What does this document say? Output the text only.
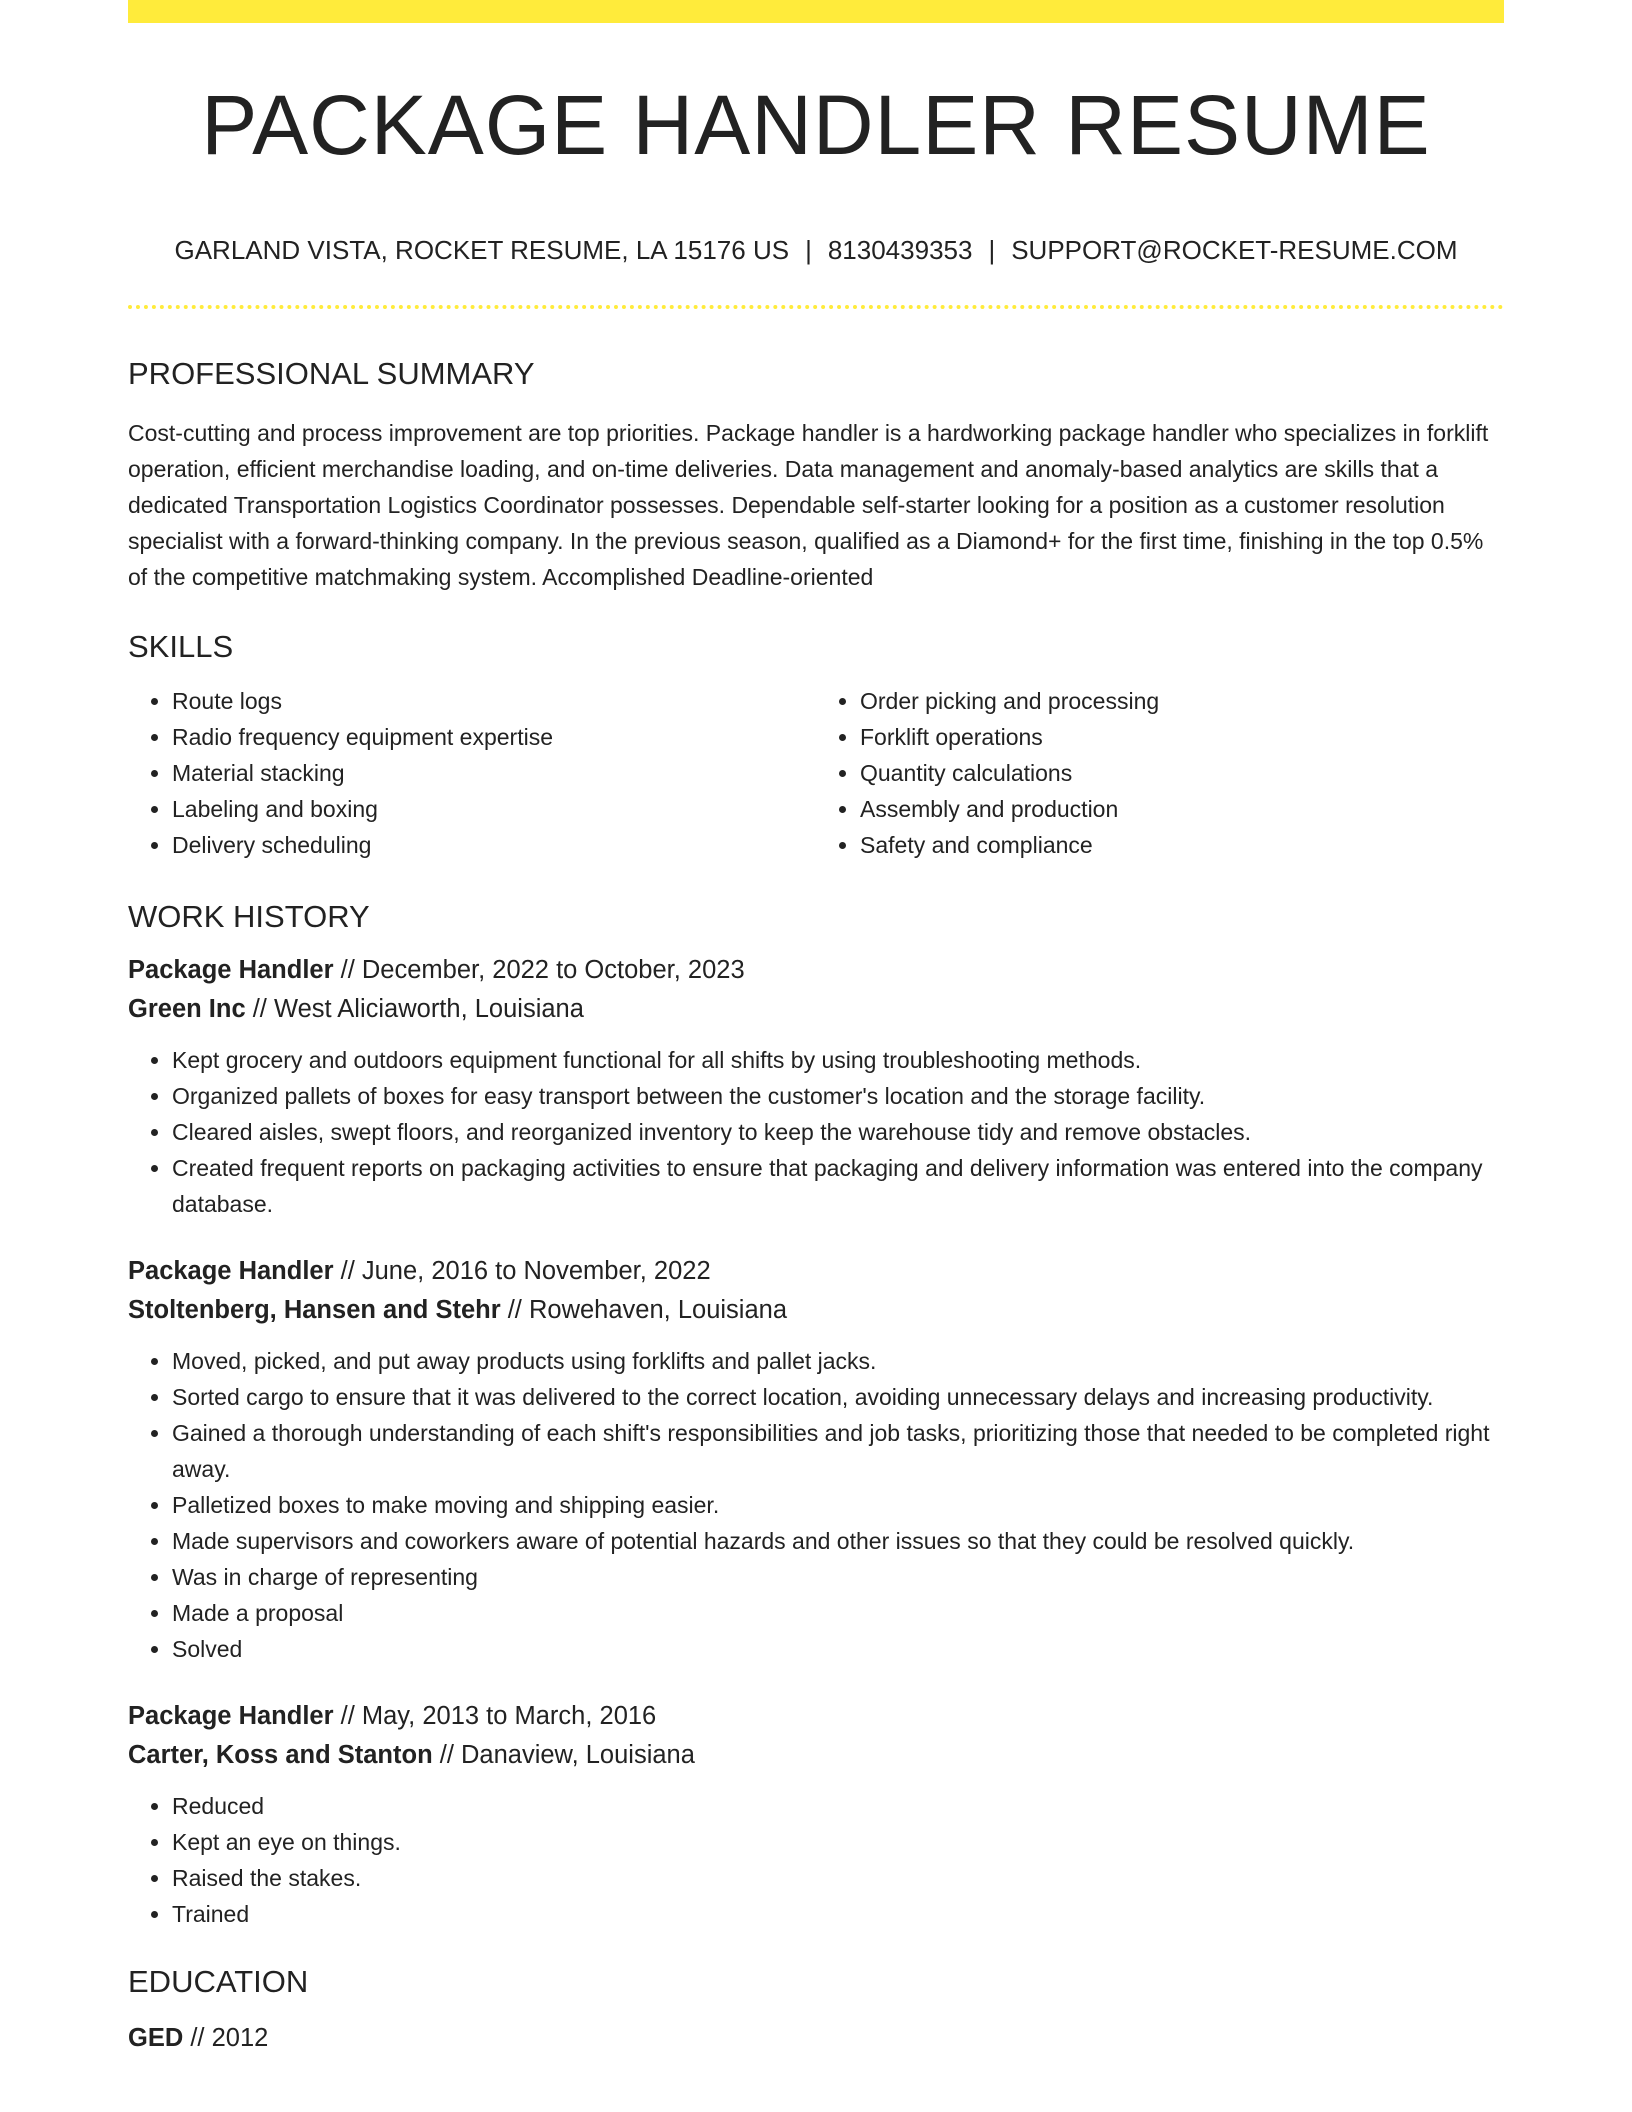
PACKAGE HANDLER RESUME
GARLAND VISTA, ROCKET RESUME, LA 15176 US | 8130439353 | SUPPORT@ROCKET-RESUME.COM
PROFESSIONAL SUMMARY

Cost-cutting and process improvement are top priorities. Package handler is a hardworking package handler who specializes in forklift operation, efficient merchandise loading, and on-time deliveries. Data management and anomaly-based analytics are skills that a dedicated Transportation Logistics Coordinator possesses. Dependable self-starter looking for a position as a customer resolution specialist with a forward-thinking company. In the previous season, qualified as a Diamond+ for the first time, finishing in the top 0.5% of the competitive matchmaking system. Accomplished Deadline-oriented

SKILLS
• Route logs
• Radio frequency equipment expertise
• Material stacking
• Labeling and boxing
• Delivery scheduling
• Order picking and processing
• Forklift operations
• Quantity calculations
• Assembly and production
• Safety and compliance
WORK HISTORY
Package Handler // December, 2022 to October, 2023
Green Inc // West Aliciaworth, Louisiana
• Kept grocery and outdoors equipment functional for all shifts by using troubleshooting methods.
• Organized pallets of boxes for easy transport between the customer's location and the storage facility.
• Cleared aisles, swept floors, and reorganized inventory to keep the warehouse tidy and remove obstacles.
• Created frequent reports on packaging activities to ensure that packaging and delivery information was entered into the company database.
Package Handler // June, 2016 to November, 2022
Stoltenberg, Hansen and Stehr // Rowehaven, Louisiana
• Moved, picked, and put away products using forklifts and pallet jacks.
• Sorted cargo to ensure that it was delivered to the correct location, avoiding unnecessary delays and increasing productivity.
• Gained a thorough understanding of each shift's responsibilities and job tasks, prioritizing those that needed to be completed right away.
• Palletized boxes to make moving and shipping easier.
• Made supervisors and coworkers aware of potential hazards and other issues so that they could be resolved quickly.
• Was in charge of representing
• Made a proposal
• Solved
Package Handler // May, 2013 to March, 2016
Carter, Koss and Stanton // Danaview, Louisiana
• Reduced
• Kept an eye on things.
• Raised the stakes.
• Trained
EDUCATION
GED // 2012
